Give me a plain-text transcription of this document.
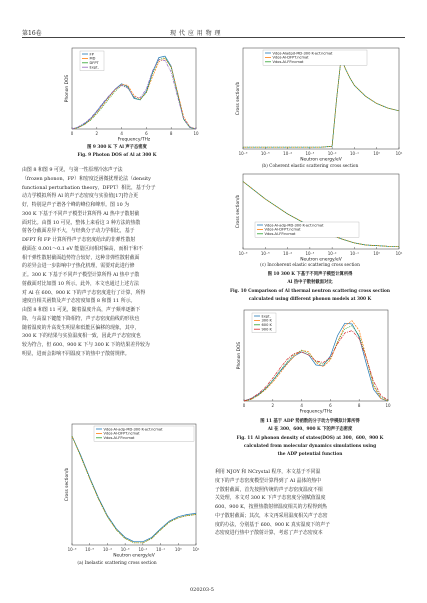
第16卷	现 代 应 用 物 理
0	2	4	6	8	10
Frequency/THz
Phonon DOS
FP
MD
DFPT
Expt.
图 9 300 K 下 Al 声子态密度
Fig. 9 Photon DOS of Al at 300 K

由图 8 和图 9 可见，与第一性原理冷冻声子法

（frozen phonon，FP）和密度泛函微扰理论法（density

functional perturbation theory，DFPT）相比，基于分子

动力学模拟所得 Al 的声子态密度与实验值[17]符合更

好，特别是声子谱各个峰的峰位和峰形。图 10 为

300 K 下基于不同声子模型计算所得 Al 热中子散射截

面对比。由图 10 可见，整体上来看这 3 种方法的热散

射各分截面差异不大，与经典分子动力学相比，基于

DFPT 和 FP 计算所得声子态密度给出的非弹性散射

截面在 0.001～0.1 eV 能量区间相对偏高，而相干和不

相干弹性散射截面趋势符合较好，这种非弹性散射截面

的差异会进一步影响中子热化机理，需要对此进行修

正。300 K 下基于不同声子模型计算所得 Al 热中子散

射截面对比如图 10 所示。此外，本文也通过上述方法

对 Al 在 600、900 K 下的声子态密度进行了计算，所得

速度自相关函数及声子态密度如图 8 和图 11 所示。

由图 8 和图 11 可见，随着温度升高，声子频率逐渐下

降，与高温下键能下降相符，声子态密度曲线的形状也

随着温度的升高发生明显和低能区偏移的现象，其中，

300 K 下的结果与实验温度相一致，因此声子态密度也

较为符合，但 600、900 K 下与 300 K 下的结果差异较为

明显，进而会影响不同温度下的热中子散射规律。

10⁻⁶ 10⁻⁵ 10⁻⁴ 10⁻³ 10⁻² 10⁻¹ 10⁰	10¹
Neutron energy/eV
Cross section/b
Vdos-Al-adp-MD-300 K-acf.ncmat
Vdos-Al-DFPT.ncmat
Vdos-Al-FP.ncmat
(a) Inelastic scattering cross section
10⁻⁶	10⁻⁵	10⁻⁴	10⁻³	10⁻²	10⁻¹	10⁰	10¹
Neutron energy/eV
Cross section/b
Vdos-Aladpd-MD-300 K-acf.ncmat
Vdos-Al-DFPT.ncmat
Vdos-Al-FP.ncmat
(b) Coherent elastic scattering cross section
10⁻⁶	10⁻⁵	10⁻⁴	10⁻³	10⁻²	10⁻¹	10⁰	10¹
Neutron energy/eV
Cross section/b	Vdos-Al-adp-MD-300 K-acf.ncmat
Vdos-Al-DFPT.ncmat
Vdos-Al-FP.ncmat
(c) Incoherent elastic scattering cross section
图 10 300 K 下基于不同声子模型计算所得
Al 热中子散射截面对比
Fig. 10 Comparison of Al thermal neutron scattering cross section
calculated using different phonon models at 300 K
0	2	4	6	8	10
Frequency/THz
Phonon DOS
Expt.
300 K
600 K
900 K
图 11 基于 ADP 势函数的分子动力学模拟计算所得
Al 在 300、600、900 K 下的声子态密度
Fig. 11 Al phonon density of states(DOS) at 300、600、900 K
calculated from molecular dynamics simulations using
the ADP potential function

利用 NJOY 和 NCrystal 程序，本文基于不同温

度下的声子态密度模型计算得到了 Al 晶体的热中

子散射截面，首先按照传统的声子态密度温度不相

关处理，本文对 300 K 下声子态密度分别赋值温度

600、900 K，按照热散射律温度相关的方程得到热

中子散射截面；其次，本文再采用温度相关声子态密

度的办法，分别基于 600、900 K 真实温度下的声子

态密度进行热中子散射计算，考虑了声子态密度本

020203-5
